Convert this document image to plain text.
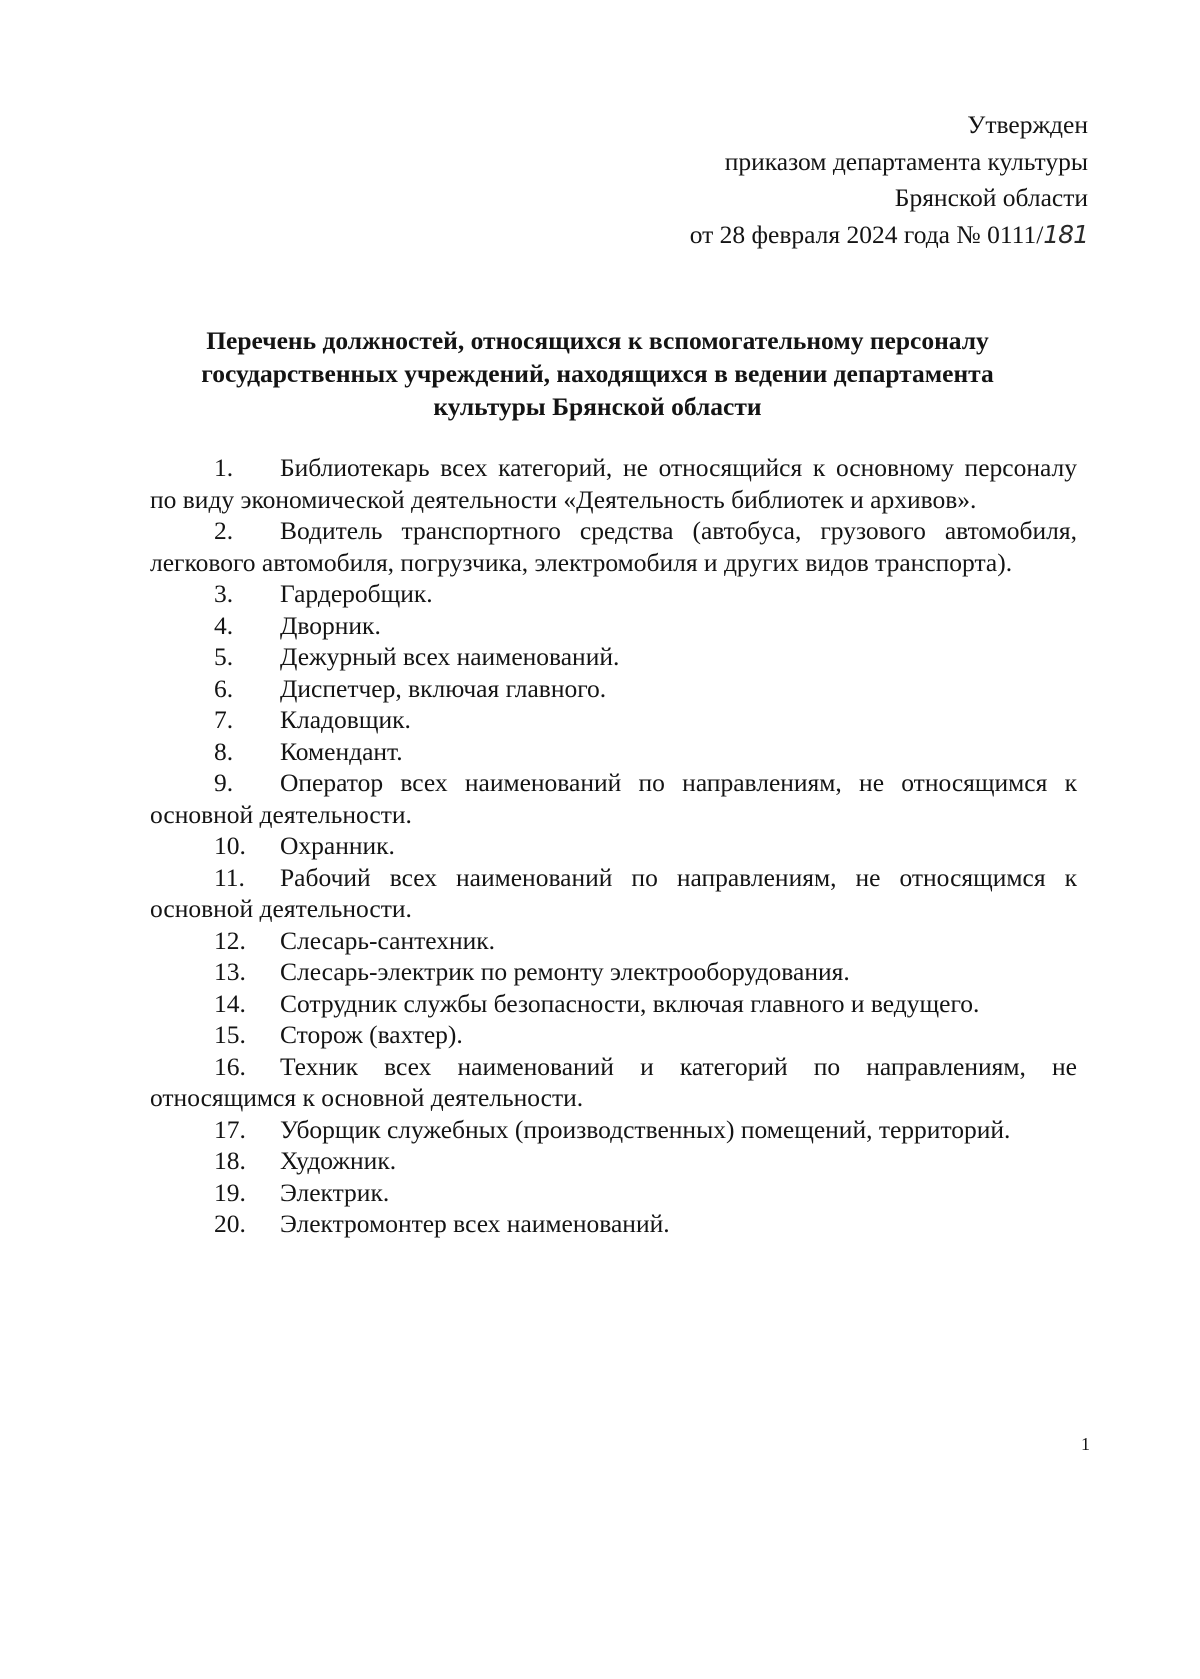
Утвержден
приказом департамента культуры
Брянской области
от 28 февраля 2024 года № 0111/181
Перечень должностей, относящихся к вспомогательному персоналу
государственных учреждений, находящихся в ведении департамента
культуры Брянской области

1. Библиотекарь всех категорий, не относящийся к основному персоналу по виду экономической деятельности «Деятельность библиотек и архивов».

2. Водитель транспортного средства (автобуса, грузового автомобиля, легкового автомобиля, погрузчика, электромобиля и других видов транспорта).

3. Гардеробщик.

4. Дворник.

5. Дежурный всех наименований.

6. Диспетчер, включая главного.

7. Кладовщик.

8. Комендант.

9. Оператор всех наименований по направлениям, не относящимся к основной деятельности.

10. Охранник.

11. Рабочий всех наименований по направлениям, не относящимся к основной деятельности.

12. Слесарь-сантехник.

13. Слесарь-электрик по ремонту электрооборудования.

14. Сотрудник службы безопасности, включая главного и ведущего.

15. Сторож (вахтер).

16. Техник всех наименований и категорий по направлениям, не относящимся к основной деятельности.

17. Уборщик служебных (производственных) помещений, территорий.

18. Художник.

19. Электрик.

20. Электромонтер всех наименований.

1
